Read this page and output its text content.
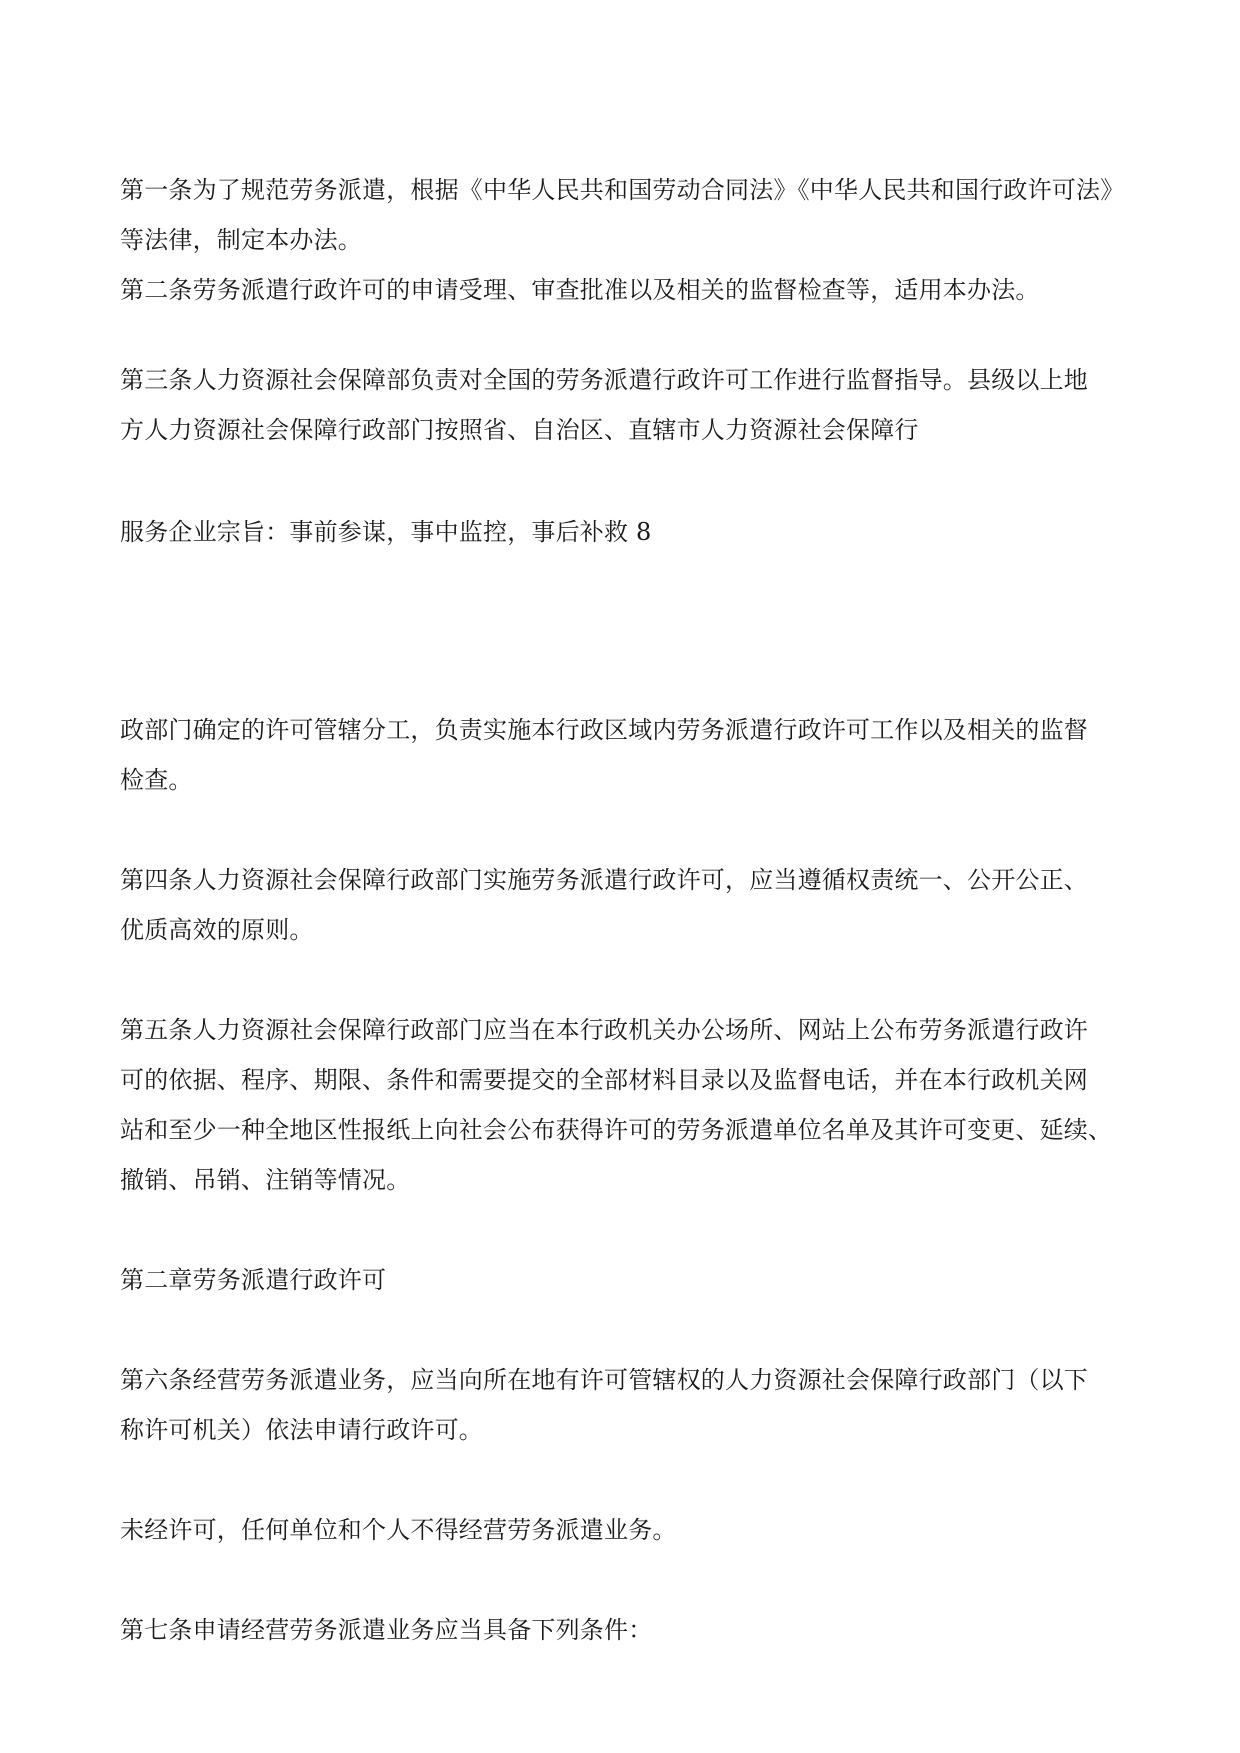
第一条为了规范劳务派遣，根据《中华人民共和国劳动合同法》《中华人民共和国行政许可法》
等法律，制定本办法。

第二条劳务派遣行政许可的申请受理、审查批准以及相关的监督检查等，适用本办法。

第三条人力资源社会保障部负责对全国的劳务派遣行政许可工作进行监督指导。县级以上地
方人力资源社会保障行政部门按照省、自治区、直辖市人力资源社会保障行

服务企业宗旨：事前参谋，事中监控，事后补救 8

政部门确定的许可管辖分工，负责实施本行政区域内劳务派遣行政许可工作以及相关的监督
检查。

第四条人力资源社会保障行政部门实施劳务派遣行政许可，应当遵循权责统一、公开公正、
优质高效的原则。

第五条人力资源社会保障行政部门应当在本行政机关办公场所、网站上公布劳务派遣行政许
可的依据、程序、期限、条件和需要提交的全部材料目录以及监督电话，并在本行政机关网
站和至少一种全地区性报纸上向社会公布获得许可的劳务派遣单位名单及其许可变更、延续、
撤销、吊销、注销等情况。

第二章劳务派遣行政许可

第六条经营劳务派遣业务，应当向所在地有许可管辖权的人力资源社会保障行政部门（以下
称许可机关）依法申请行政许可。

未经许可，任何单位和个人不得经营劳务派遣业务。

第七条申请经营劳务派遣业务应当具备下列条件：
